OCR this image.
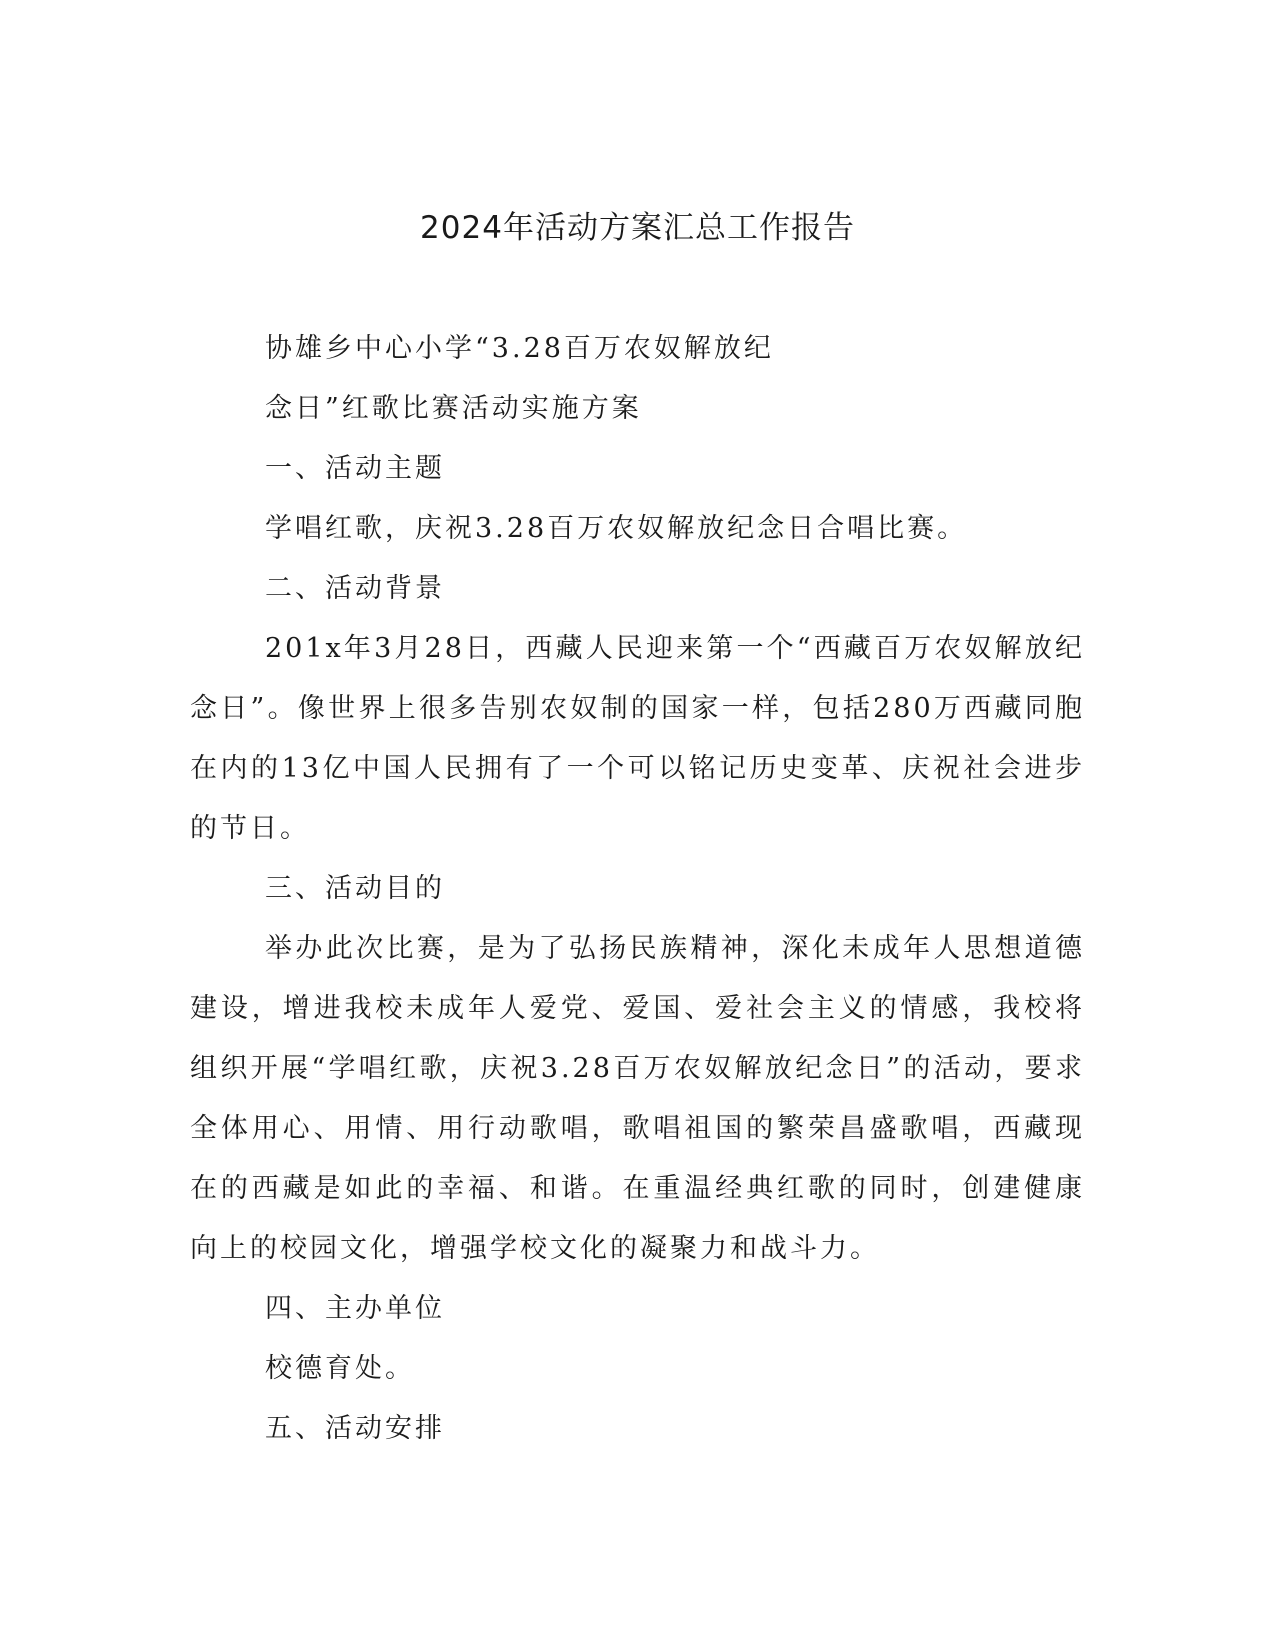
2024年活动方案汇总工作报告

协雄乡中心小学“3.28百万农奴解放纪

念日”红歌比赛活动实施方案

一、活动主题

学唱红歌，庆祝3.28百万农奴解放纪念日合唱比赛。

二、活动背景

201x年3月28日，西藏人民迎来第一个“西藏百万农奴解放纪念日”。像世界上很多告别农奴制的国家一样，包括280万西藏同胞在内的13亿中国人民拥有了一个可以铭记历史变革、庆祝社会进步的节日。

三、活动目的

举办此次比赛，是为了弘扬民族精神，深化未成年人思想道德建设，增进我校未成年人爱党、爱国、爱社会主义的情感，我校将组织开展“学唱红歌，庆祝3.28百万农奴解放纪念日”的活动，要求全体用心、用情、用行动歌唱，歌唱祖国的繁荣昌盛歌唱，西藏现在的西藏是如此的幸福、和谐。在重温经典红歌的同时，创建健康向上的校园文化，增强学校文化的凝聚力和战斗力。

四、主办单位

校德育处。

五、活动安排
